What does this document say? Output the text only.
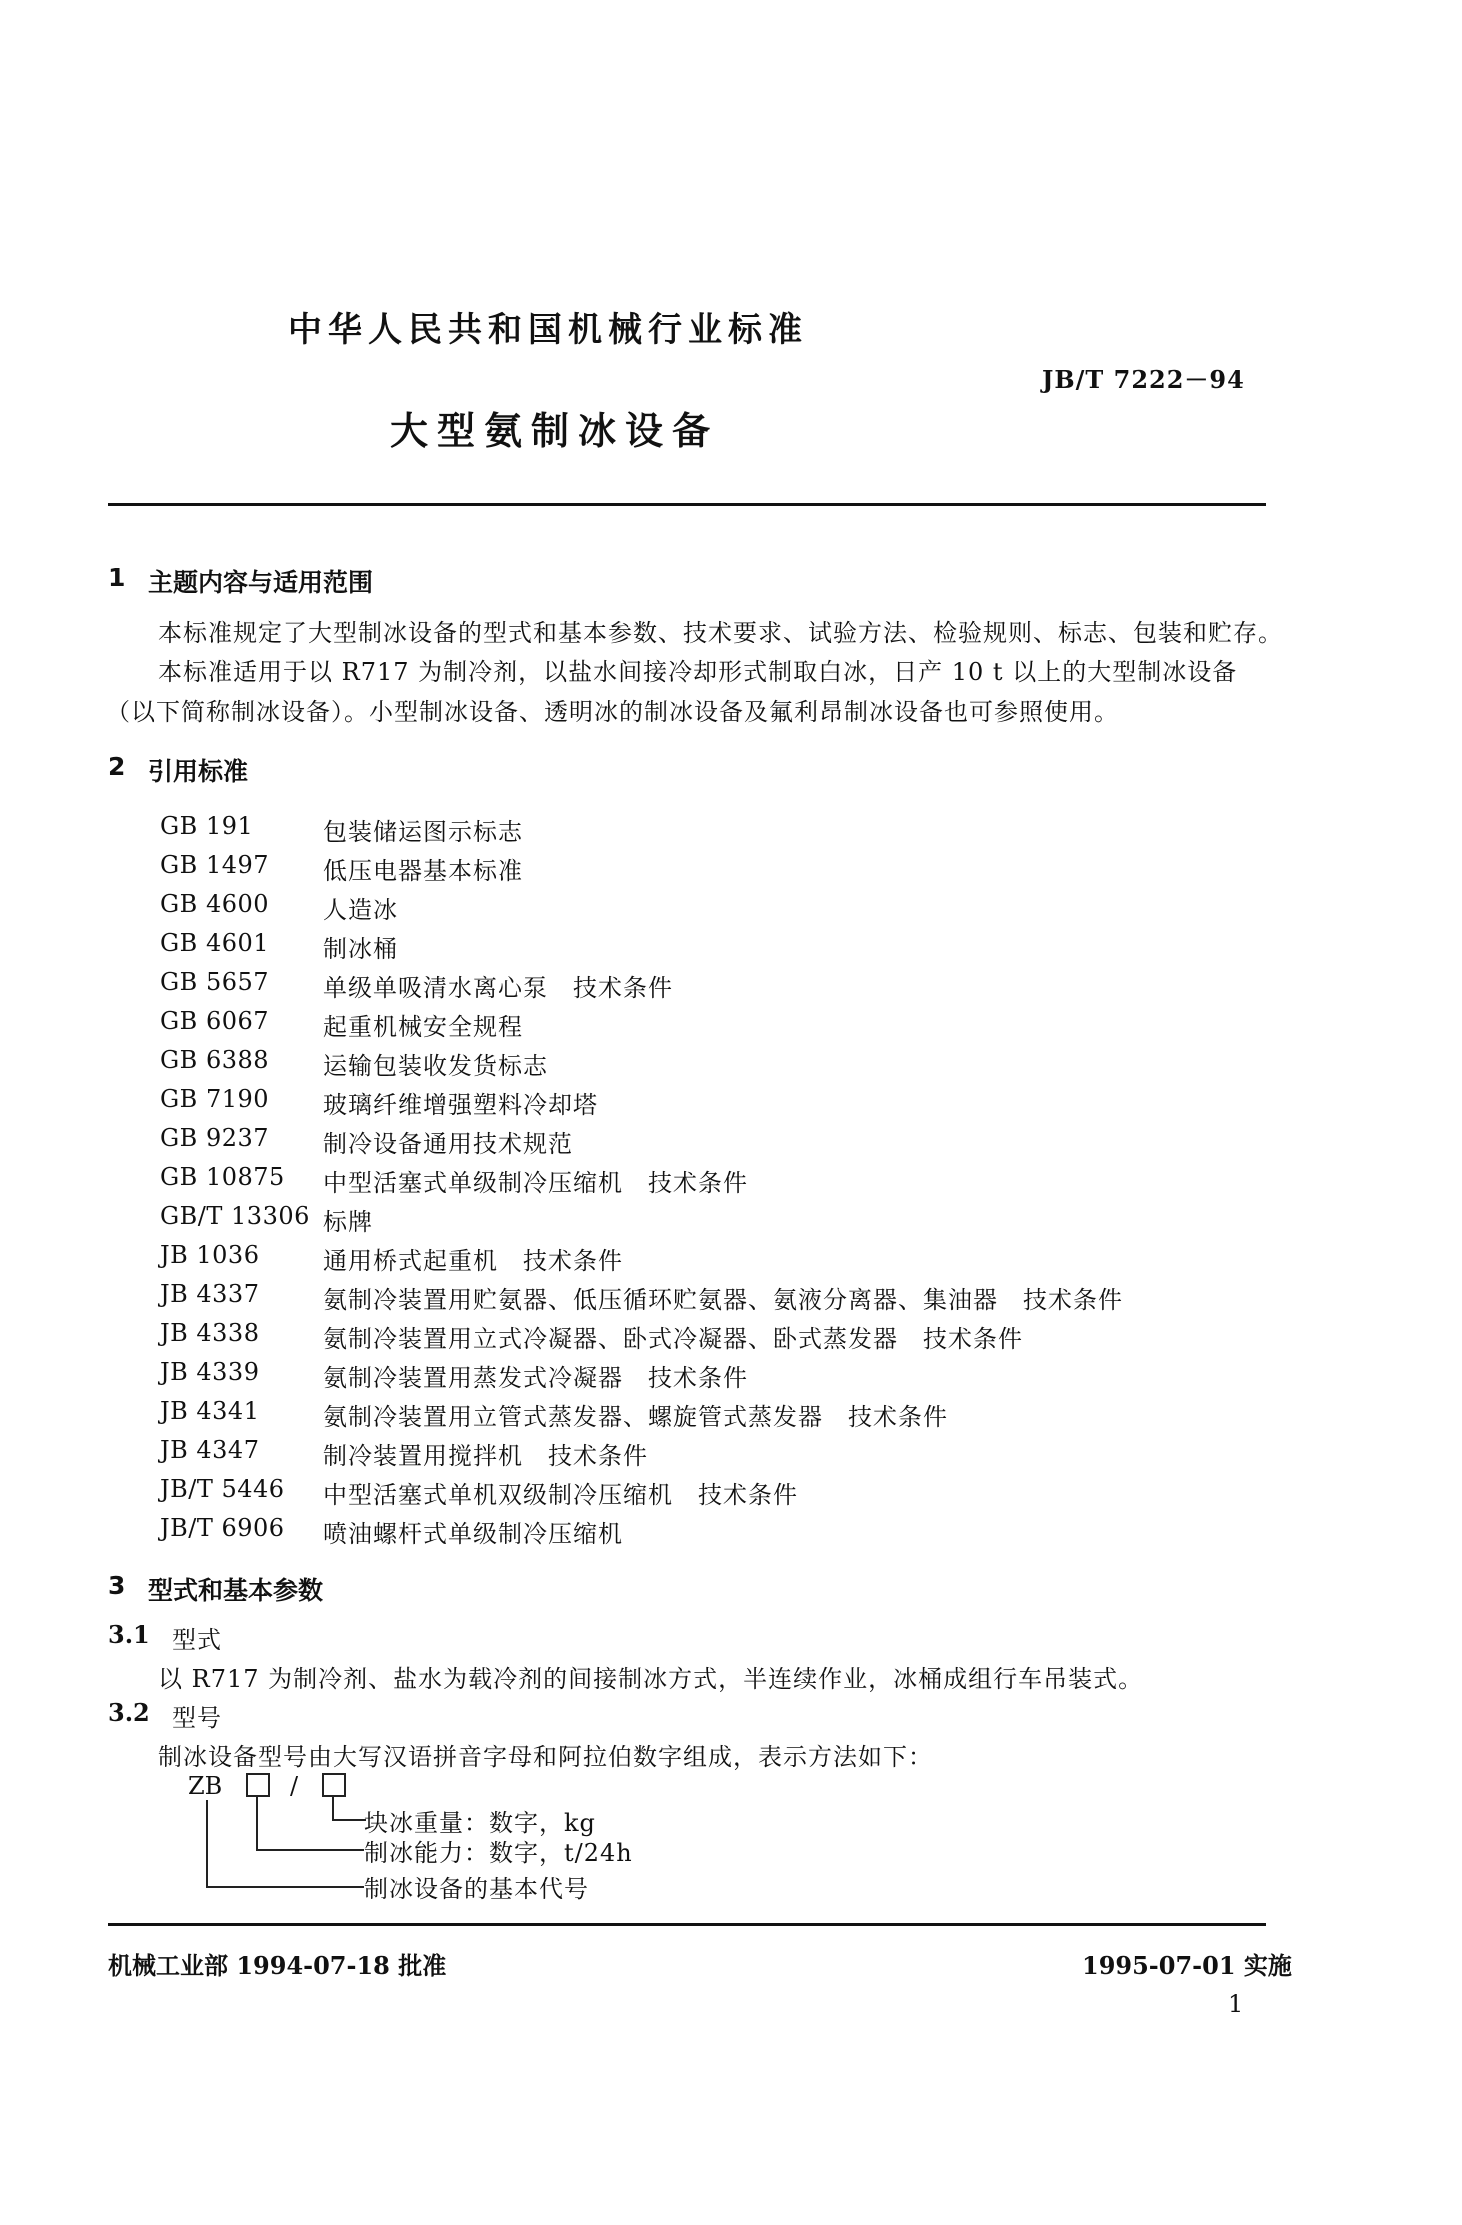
中华人民共和国机械行业标准
JB/T 7222－94
大型氨制冰设备
1 主题内容与适用范围
本标准规定了大型制冰设备的型式和基本参数、技术要求、试验方法、检验规则、标志、包装和贮存。
本标准适用于以 R717 为制冷剂，以盐水间接冷却形式制取白冰，日产 10 t 以上的大型制冰设备
（以下简称制冰设备）。小型制冰设备、透明冰的制冰设备及氟利昂制冰设备也可参照使用。
2 引用标准
GB 191	包装储运图示标志
GB 1497 低压电器基本标准
GB 4600 人造冰
GB 4601 制冰桶
GB 5657 单级单吸清水离心泵　技术条件
GB 6067 起重机械安全规程
GB 6388 运输包装收发货标志
GB 7190 玻璃纤维增强塑料冷却塔
GB 9237 制冷设备通用技术规范
GB 10875 中型活塞式单级制冷压缩机　技术条件
GB/T 13306 标牌
JB 1036	通用桥式起重机　技术条件
JB 4337	氨制冷装置用贮氨器、低压循环贮氨器、氨液分离器、集油器　技术条件
JB 4338	氨制冷装置用立式冷凝器、卧式冷凝器、卧式蒸发器　技术条件
JB 4339	氨制冷装置用蒸发式冷凝器　技术条件
JB 4341	氨制冷装置用立管式蒸发器、螺旋管式蒸发器　技术条件
JB 4347	制冷装置用搅拌机　技术条件
JB/T 5446 中型活塞式单机双级制冷压缩机　技术条件
JB/T 6906 喷油螺杆式单级制冷压缩机
3 型式和基本参数
3.1 型式
以 R717 为制冷剂、盐水为载冷剂的间接制冰方式，半连续作业，冰桶成组行车吊装式。
3.2 型号
制冰设备型号由大写汉语拼音字母和阿拉伯数字组成，表示方法如下：
ZB	/
块冰重量：数字，kg
制冰能力：数字，t/24h
制冰设备的基本代号
机械工业部 1994-07-18 批准	1995-07-01 实施
1
